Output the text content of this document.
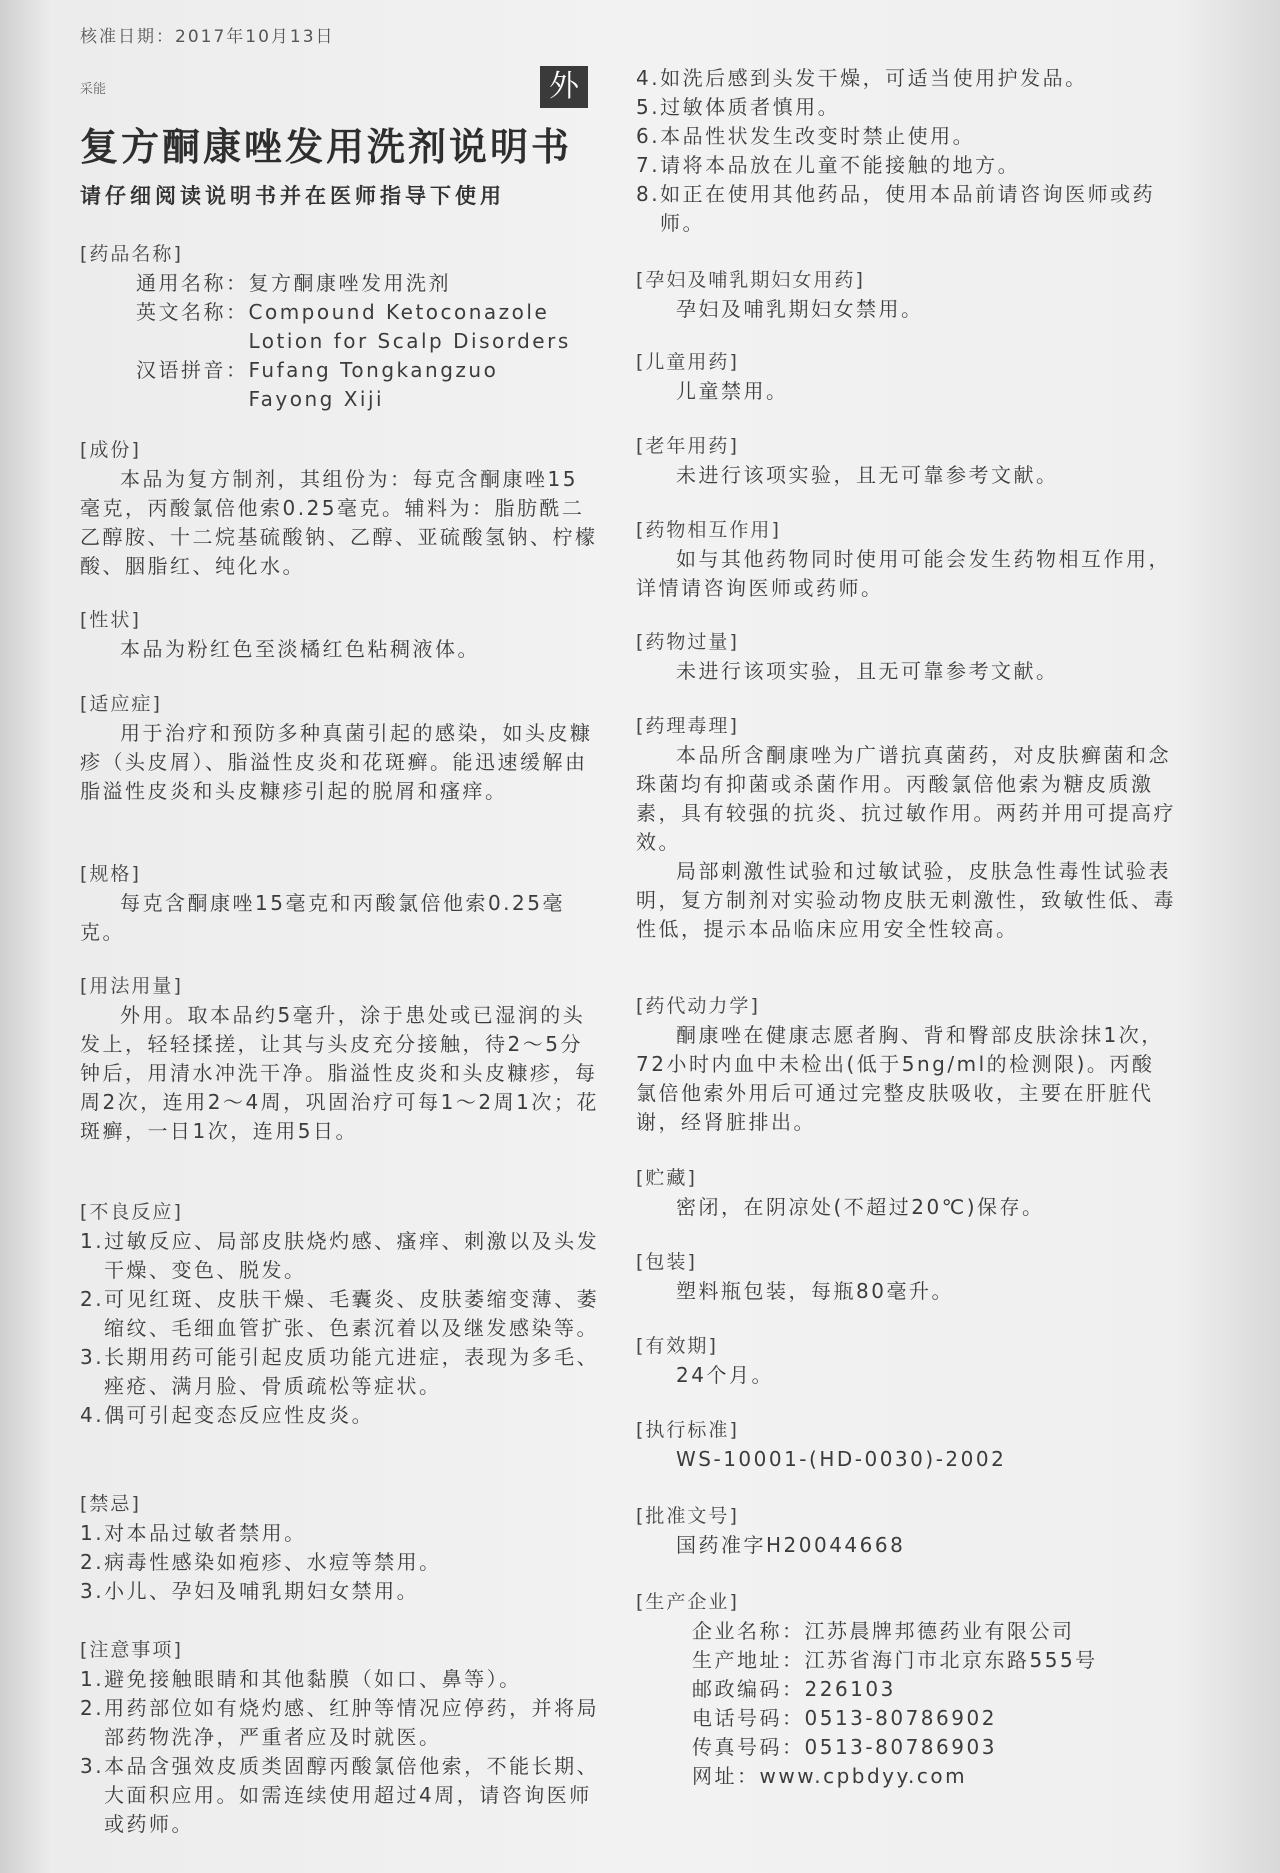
核准日期：2017年10月13日
采能	外
复方酮康唑发用洗剂说明书
请仔细阅读说明书并在医师指导下使用

[ 药品名称 ]

通用名称： 复方酮康唑发用洗剂
英文名称： Compound Ketoconazole
Lotion for Scalp Disorders
汉语拼音： Fufang Tongkangzuo
Fayong Xiji

[ 成份 ]

本品为复方制剂，其组份为：每克含酮康唑15毫克，丙酸氯倍他索0.25毫克。辅料为：脂肪酰二乙醇胺、十二烷基硫酸钠、乙醇、亚硫酸氢钠、柠檬酸、胭脂红、纯化水。

[ 性状 ]

本品为粉红色至淡橘红色粘稠液体。

[ 适应症 ]

用于治疗和预防多种真菌引起的感染，如头皮糠疹（头皮屑）、脂溢性皮炎和花斑癣。能迅速缓解由脂溢性皮炎和头皮糠疹引起的脱屑和瘙痒。

[ 规格 ]

每克含酮康唑15毫克和丙酸氯倍他索0.25毫克。

[ 用法用量 ]

外用。取本品约5毫升，涂于患处或已湿润的头发上，轻轻揉搓，让其与头皮充分接触，待2～5分钟后，用清水冲洗干净。脂溢性皮炎和头皮糠疹，每周2次，连用2～4周，巩固治疗可每1～2周1次；花斑癣，一日1次，连用5日。

[ 不良反应 ]

1.过敏反应、局部皮肤烧灼感、瘙痒、刺激以及头发干燥、变色、脱发。

2.可见红斑、皮肤干燥、毛囊炎、皮肤萎缩变薄、萎缩纹、毛细血管扩张、色素沉着以及继发感染等。

3.长期用药可能引起皮质功能亢进症，表现为多毛、痤疮、满月脸、骨质疏松等症状。

4.偶可引起变态反应性皮炎。

[ 禁忌 ]

1.对本品过敏者禁用。

2.病毒性感染如疱疹、水痘等禁用。

3.小儿、孕妇及哺乳期妇女禁用。

[ 注意事项 ]

1.避免接触眼睛和其他黏膜（如口、鼻等）。

2.用药部位如有烧灼感、红肿等情况应停药，并将局部药物洗净，严重者应及时就医。

3.本品含强效皮质类固醇丙酸氯倍他索，不能长期、大面积应用。如需连续使用超过4周，请咨询医师或药师。

4.如洗后感到头发干燥，可适当使用护发品。

5.过敏体质者慎用。

6.本品性状发生改变时禁止使用。

7.请将本品放在儿童不能接触的地方。

8.如正在使用其他药品，使用本品前请咨询医师或药师。

[ 孕妇及哺乳期妇女用药 ]

孕妇及哺乳期妇女禁用。

[ 儿童用药 ]

儿童禁用。

[ 老年用药 ]

未进行该项实验，且无可靠参考文献。

[ 药物相互作用 ]

如与其他药物同时使用可能会发生药物相互作用，详情请咨询医师或药师。

[ 药物过量 ]

未进行该项实验，且无可靠参考文献。

[ 药理毒理 ]

本品所含酮康唑为广谱抗真菌药，对皮肤癣菌和念珠菌均有抑菌或杀菌作用。丙酸氯倍他索为糖皮质激素，具有较强的抗炎、抗过敏作用。两药并用可提高疗效。

局部刺激性试验和过敏试验，皮肤急性毒性试验表明，复方制剂对实验动物皮肤无刺激性，致敏性低、毒性低，提示本品临床应用安全性较高。

[ 药代动力学 ]

酮康唑在健康志愿者胸、背和臀部皮肤涂抹1次，72小时内血中未检出(低于5ng/ml的检测限)。丙酸氯倍他索外用后可通过完整皮肤吸收，主要在肝脏代谢，经肾脏排出。

[ 贮藏 ]

密闭，在阴凉处(不超过20℃)保存。

[ 包装 ]

塑料瓶包装，每瓶80毫升。

[ 有效期 ]

24个月。

[ 执行标准 ]

WS-10001-(HD-0030)-2002

[ 批准文号 ]

国药准字H20044668

[ 生产企业 ]

企业名称： 江苏晨牌邦德药业有限公司
生产地址： 江苏省海门市北京东路555号
邮政编码： 226103
电话号码： 0513-80786902
传真号码： 0513-80786903
网址： www.cpbdyy.com
